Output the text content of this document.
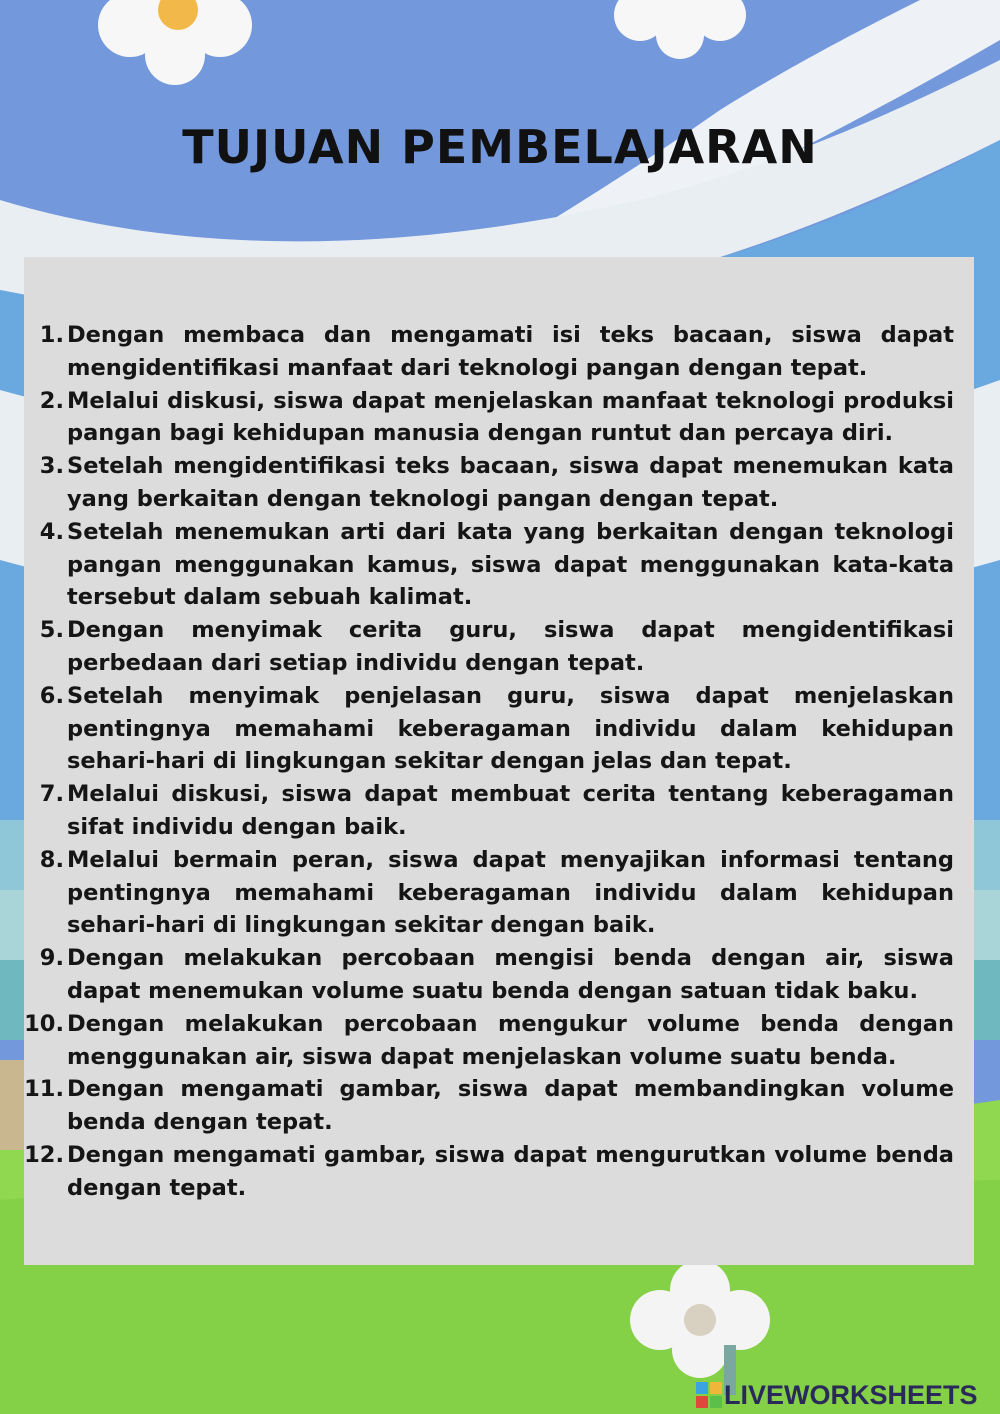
TUJUAN PEMBELAJARAN
1. Dengan membaca dan mengamati isi teks bacaan, siswa dapat mengidentifikasi manfaat dari teknologi pangan dengan tepat.
2. Melalui diskusi, siswa dapat menjelaskan manfaat teknologi produksi pangan bagi kehidupan manusia dengan runtut dan percaya diri.
3. Setelah mengidentifikasi teks bacaan, siswa dapat menemukan kata yang berkaitan dengan teknologi pangan dengan tepat.
4. Setelah menemukan arti dari kata yang berkaitan dengan teknologi pangan menggunakan kamus, siswa dapat menggunakan kata-kata tersebut dalam sebuah kalimat.
5. Dengan menyimak cerita guru, siswa dapat mengidentifikasi perbedaan dari setiap individu dengan tepat.
6. Setelah menyimak penjelasan guru, siswa dapat menjelaskan pentingnya memahami keberagaman individu dalam kehidupan sehari-hari di lingkungan sekitar dengan jelas dan tepat.
7. Melalui diskusi, siswa dapat membuat cerita tentang keberagaman sifat individu dengan baik.
8. Melalui bermain peran, siswa dapat menyajikan informasi tentang pentingnya memahami keberagaman individu dalam kehidupan sehari-hari di lingkungan sekitar dengan baik.
9. Dengan melakukan percobaan mengisi benda dengan air, siswa dapat menemukan volume suatu benda dengan satuan tidak baku.
10. Dengan melakukan percobaan mengukur volume benda dengan menggunakan air, siswa dapat menjelaskan volume suatu benda.
11. Dengan mengamati gambar, siswa dapat membandingkan volume benda dengan tepat.
12. Dengan mengamati gambar, siswa dapat mengurutkan volume benda dengan tepat.
LIVEWORKSHEETS
